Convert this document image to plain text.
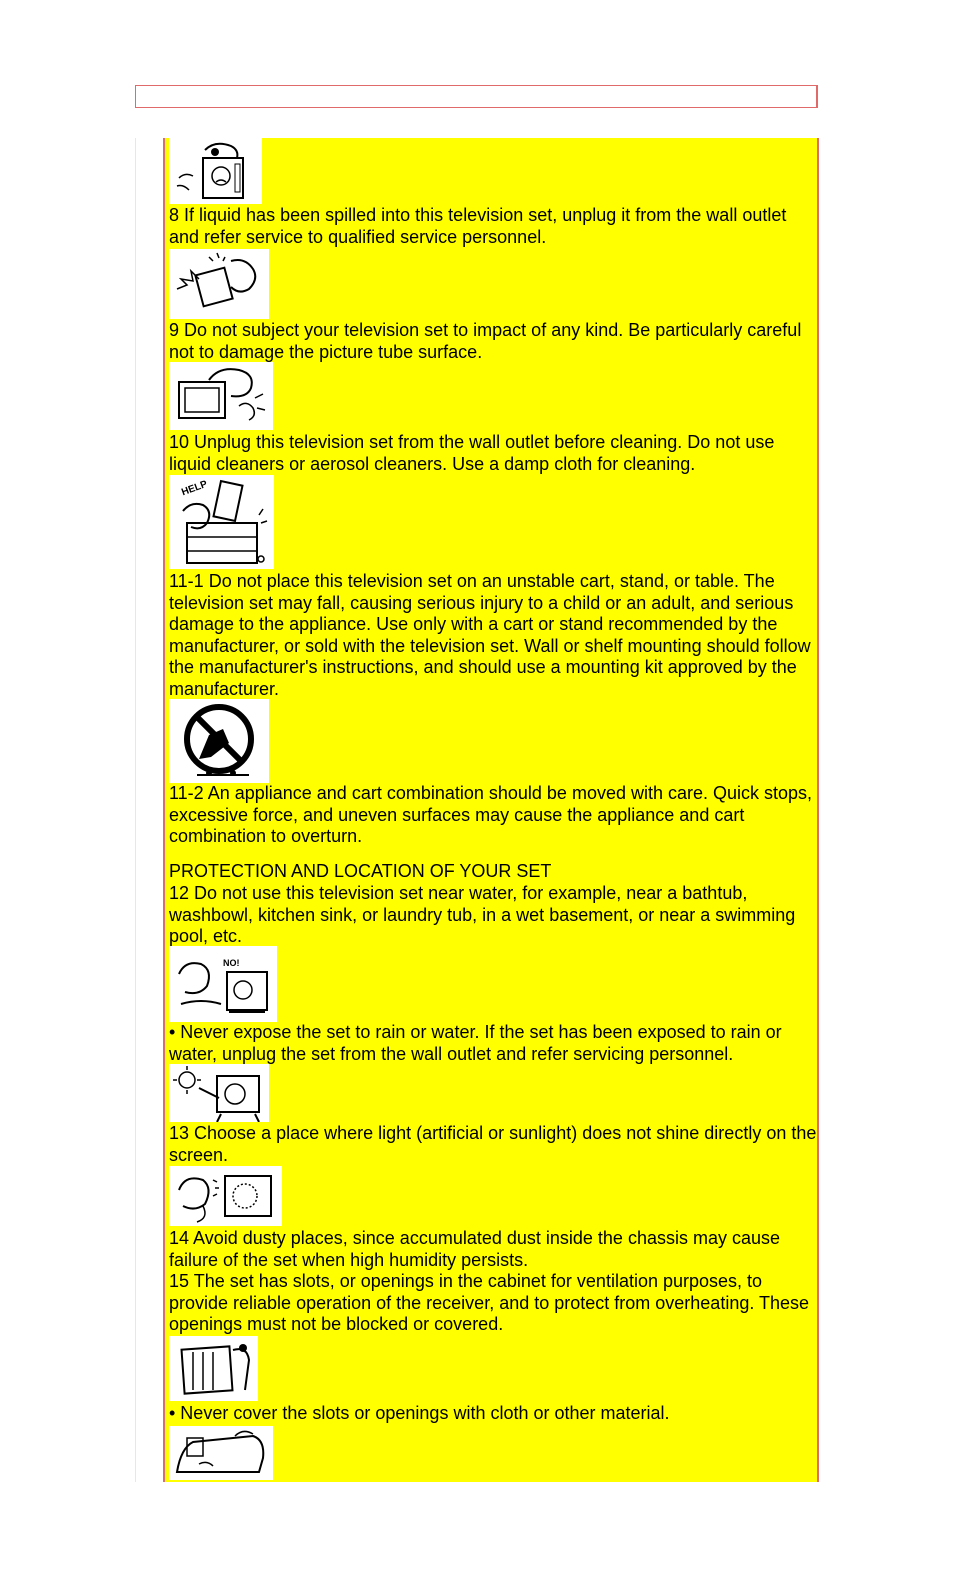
8 If liquid has been spilled into this television set, unplug it from the wall outlet and refer service to qualified service personnel.

9 Do not subject your television set to impact of any kind. Be particularly careful not to damage the picture tube surface.

10 Unplug this television set from the wall outlet before cleaning. Do not use liquid cleaners or aerosol cleaners. Use a damp cloth for cleaning.

HELP

11-1 Do not place this television set on an unstable cart, stand, or table. The television set may fall, causing serious injury to a child or an adult, and serious damage to the appliance. Use only with a cart or stand recommended by the manufacturer, or sold with the television set. Wall or shelf mounting should follow the manufacturer's instructions, and should use a mounting kit approved by the manufacturer.

11-2 An appliance and cart combination should be moved with care. Quick stops, excessive force, and uneven surfaces may cause the appliance and cart combination to overturn.

PROTECTION AND LOCATION OF YOUR SET

12 Do not use this television set near water, for example, near a bathtub, washbowl, kitchen sink, or laundry tub, in a wet basement, or near a swimming pool, etc.

NO!

• Never expose the set to rain or water. If the set has been exposed to rain or water, unplug the set from the wall outlet and refer servicing personnel.

13 Choose a place where light (artificial or sunlight) does not shine directly on the screen.

14 Avoid dusty places, since accumulated dust inside the chassis may cause failure of the set when high humidity persists.

15 The set has slots, or openings in the cabinet for ventilation purposes, to provide reliable operation of the receiver, and to protect from overheating. These openings must not be blocked or covered.

• Never cover the slots or openings with cloth or other material.
